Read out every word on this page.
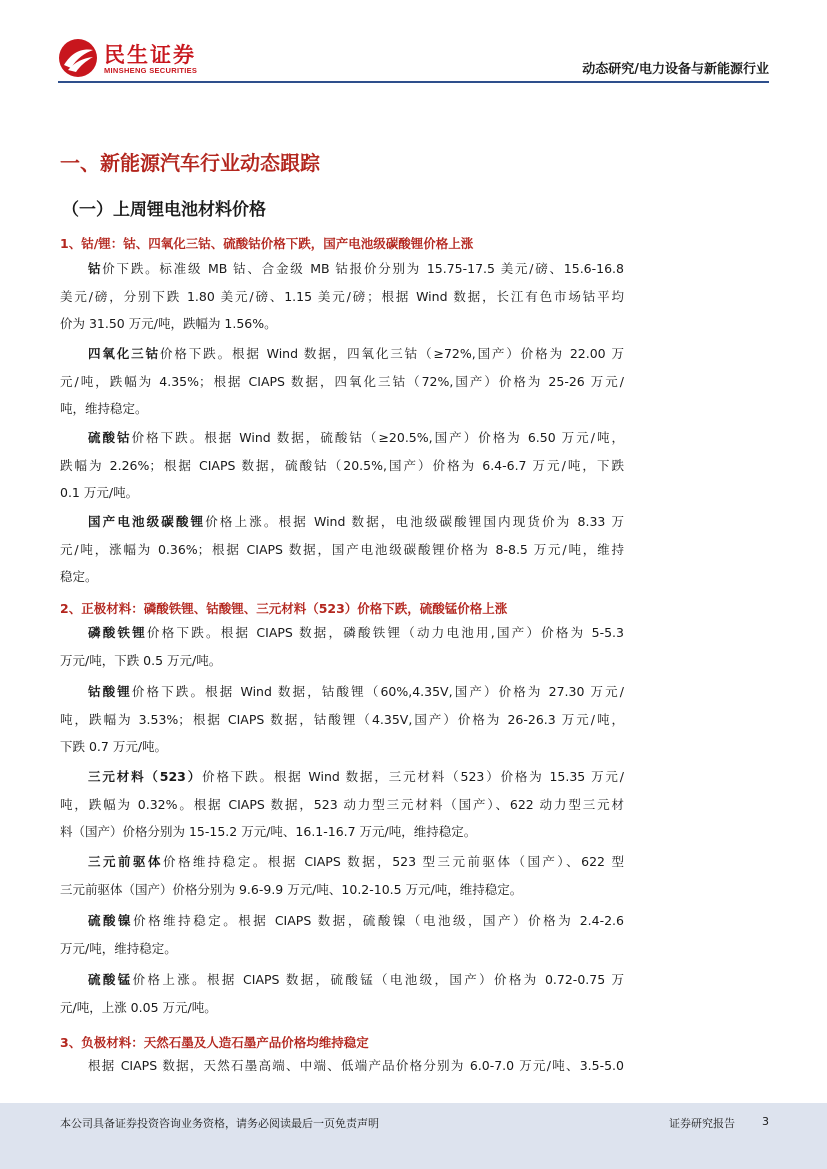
民生证券
MINSHENG SECURITIES	动态研究/电力设备与新能源行业
一、新能源汽车行业动态跟踪
（一）上周锂电池材料价格
1、钴/锂：钴、四氧化三钴、硫酸钴价格下跌，国产电池级碳酸锂价格上涨
钴价下跌。标准级 MB 钴、合金级 MB 钴报价分别为 15.75-17.5 美元/磅、15.6-16.8
美元/磅，分别下跌 1.80 美元/磅、1.15 美元/磅；根据 Wind 数据，长江有色市场钴平均
价为 31.50 万元/吨，跌幅为 1.56%。
四氧化三钴价格下跌。根据 Wind 数据，四氧化三钴（≥72%,国产）价格为 22.00 万
元/吨，跌幅为 4.35%；根据 CIAPS 数据，四氧化三钴（72%,国产）价格为 25-26 万元/
吨，维持稳定。
硫酸钴价格下跌。根据 Wind 数据，硫酸钴（≥20.5%,国产）价格为 6.50 万元/吨，
跌幅为 2.26%；根据 CIAPS 数据，硫酸钴（20.5%,国产）价格为 6.4-6.7 万元/吨，下跌
0.1 万元/吨。
国产电池级碳酸锂价格上涨。根据 Wind 数据，电池级碳酸锂国内现货价为 8.33 万
元/吨，涨幅为 0.36%；根据 CIAPS 数据，国产电池级碳酸锂价格为 8-8.5 万元/吨，维持
稳定。
2、正极材料：磷酸铁锂、钴酸锂、三元材料（523）价格下跌，硫酸锰价格上涨
磷酸铁锂价格下跌。根据 CIAPS 数据，磷酸铁锂（动力电池用,国产）价格为 5-5.3
万元/吨，下跌 0.5 万元/吨。
钴酸锂价格下跌。根据 Wind 数据，钴酸锂（60%,4.35V,国产）价格为 27.30 万元/
吨，跌幅为 3.53%；根据 CIAPS 数据，钴酸锂（4.35V,国产）价格为 26-26.3 万元/吨，
下跌 0.7 万元/吨。
三元材料（523）价格下跌。根据 Wind 数据，三元材料（523）价格为 15.35 万元/
吨，跌幅为 0.32%。根据 CIAPS 数据，523 动力型三元材料（国产）、622 动力型三元材
料（国产）价格分别为 15-15.2 万元/吨、16.1-16.7 万元/吨，维持稳定。
三元前驱体价格维持稳定。根据 CIAPS 数据，523 型三元前驱体（国产）、622 型
三元前驱体（国产）价格分别为 9.6-9.9 万元/吨、10.2-10.5 万元/吨，维持稳定。
硫酸镍价格维持稳定。根据 CIAPS 数据，硫酸镍（电池级，国产）价格为 2.4-2.6
万元/吨，维持稳定。
硫酸锰价格上涨。根据 CIAPS 数据，硫酸锰（电池级，国产）价格为 0.72-0.75 万
元/吨，上涨 0.05 万元/吨。
3、负极材料：天然石墨及人造石墨产品价格均维持稳定
根据 CIAPS 数据，天然石墨高端、中端、低端产品价格分别为 6.0-7.0 万元/吨、3.5-5.0
本公司具备证券投资咨询业务资格，请务必阅读最后一页免责声明	证券研究报告 3
